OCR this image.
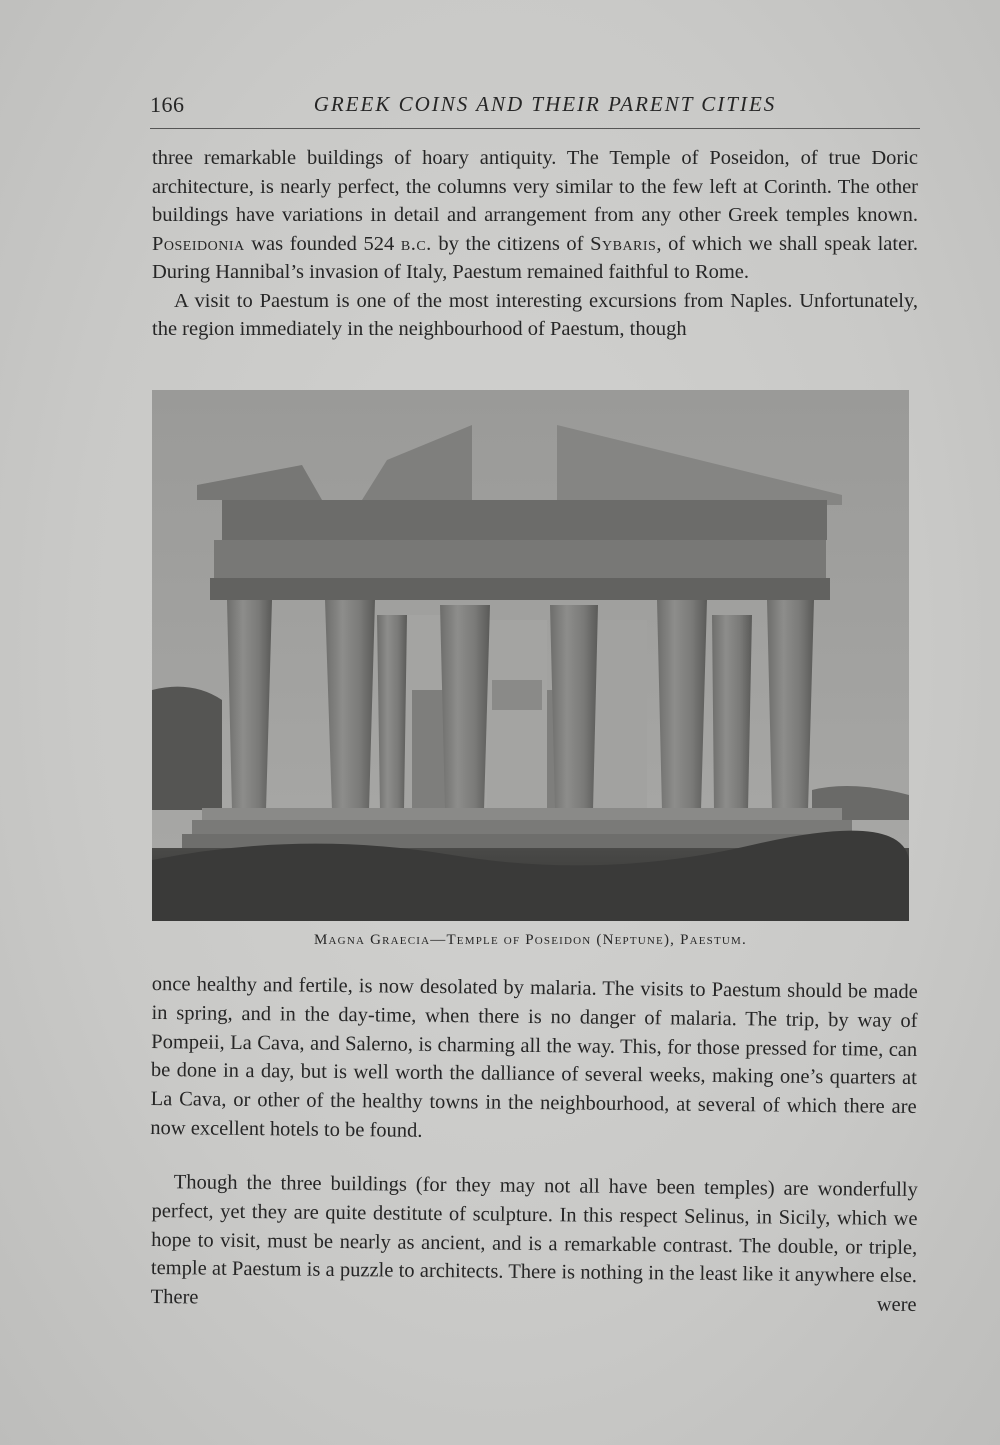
166	GREEK COINS AND THEIR PARENT CITIES

three remarkable buildings of hoary antiquity. The Temple of Poseidon, of true Doric architecture, is nearly perfect, the columns very similar to the few left at Corinth. The other buildings have variations in detail and arrangement from any other Greek temples known. Poseidonia was founded 524 b.c. by the citizens of Sybaris, of which we shall speak later. During Hannibal’s invasion of Italy, Paestum remained faithful to Rome.
A visit to Paestum is one of the most interesting excursions from Naples. Unfortunately, the region immediately in the neighbourhood of Paestum, though

Magna Graecia—Temple of Poseidon (Neptune), Paestum.

once healthy and fertile, is now desolated by malaria. The visits to Paestum should be made in spring, and in the day-time, when there is no danger of malaria. The trip, by way of Pompeii, La Cava, and Salerno, is charming all the way. This, for those pressed for time, can be done in a day, but is well worth the dalliance of several weeks, making one’s quarters at La Cava, or other of the healthy towns in the neighbourhood, at several of which there are now excellent hotels to be found.

Though the three buildings (for they may not all have been temples) are wonderfully perfect, yet they are quite destitute of sculpture. In this respect Selinus, in Sicily, which we hope to visit, must be nearly as ancient, and is a remarkable contrast. The double, or triple, temple at Paestum is a puzzle to architects. There is nothing in the least like it anywhere else. There were
